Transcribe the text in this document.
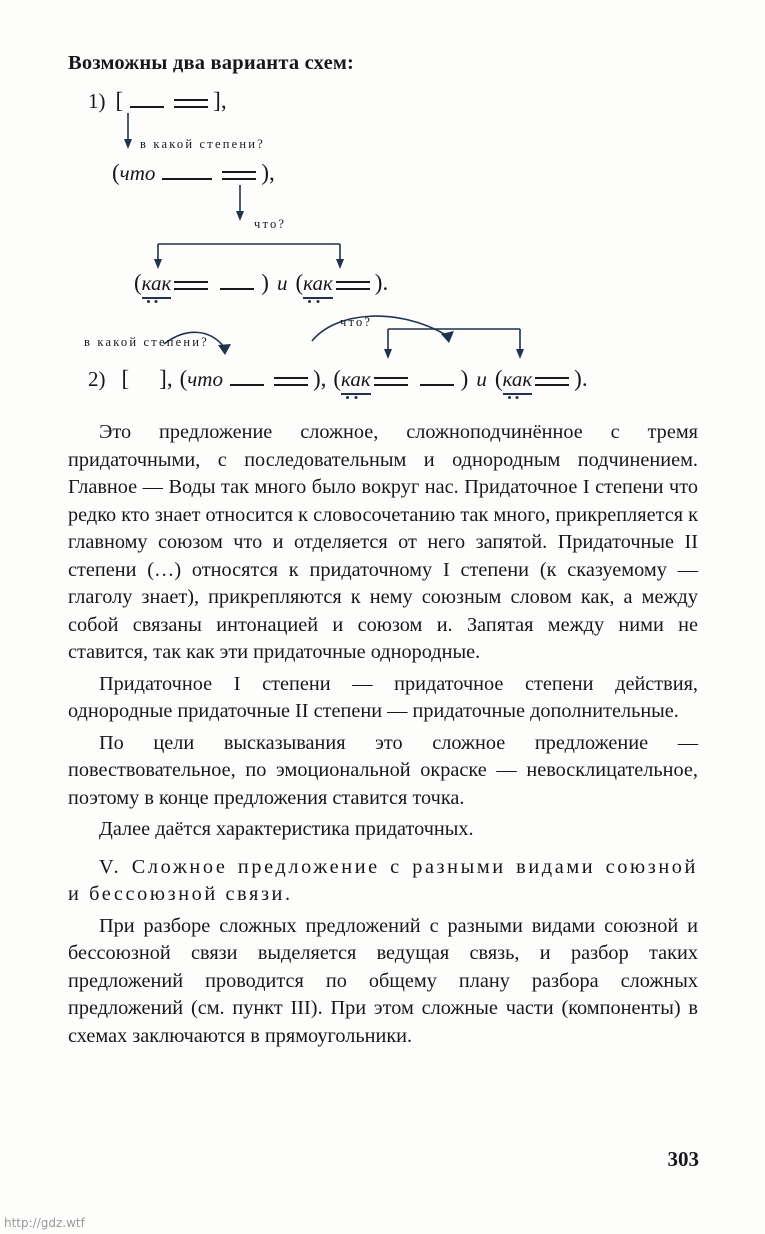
Возможны два варианта схем:
1) [	] ,
в какой степени?
( что	) ,
что?
( как	) и ( как ) .
в какой степени?
что?
2) [ ] , ( что	) , ( как	) и ( как ) .

Это предложение сложное, сложноподчинённое с тремя придаточными, с последовательным и однородным подчинением. Главное — Воды так много было вокруг нас. Придаточное I степени что редко кто знает относится к словосочетанию так много, прикрепляется к главному союзом что и отделяется от него запятой. Придаточные II степени (…) относятся к придаточному I степени (к сказуемому — глаголу знает), прикрепляются к нему союзным словом как, а между собой связаны интонацией и союзом и. Запятая между ними не ставится, так как эти придаточные однородные.

Придаточное I степени — придаточное степени действия, однородные придаточные II степени — придаточные дополнительные.

По цели высказывания это сложное предложение — повествовательное, по эмоциональной окраске — невосклицательное, поэтому в конце предложения ставится точка.

Далее даётся характеристика придаточных.

V. Сложное предложение с разными видами союзной и бессоюзной связи.

При разборе сложных предложений с разными видами союзной и бессоюзной связи выделяется ведущая связь, и разбор таких предложений проводится по общему плану разбора сложных предложений (см. пункт III). При этом сложные части (компоненты) в схемах заключаются в прямоугольники.

303
http://gdz.wtf
